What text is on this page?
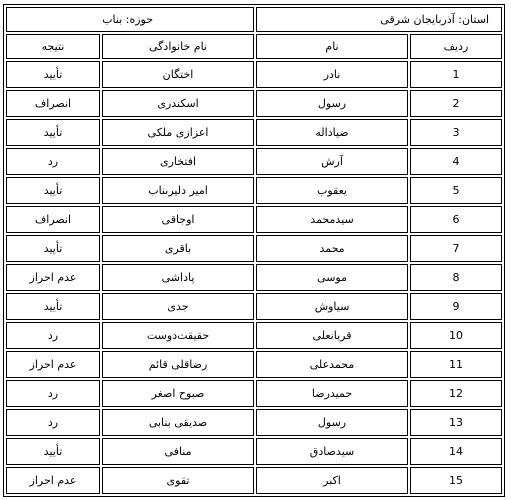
استان: آذربایجان شرقی		حوزه: بناب	
ردیف	نام	نام خانوادگی	نتیجه
1	نادر	اختگان	تأیید
2	رسول	اسکندری	انصراف
3	ضیاداله	اعزازی ملکی	تأیید
4	آرش	افتخاری	رد
5	یعقوب	امیر دلیرىناب	تأیید
6	سیدمحمد	اوجاقی	انصراف
7	محمد	باقری	تأیید
8	موسی	پاداشی	عدم احراز
9	سیاوش	جدی	تأیید
10	قربانعلی	حقیقت‌دوست	رد
11	محمدعلی	رضاقلی قائم	عدم احراز
12	حمیدرضا	صبوح اصغر	رد
13	رسول	صدیقی بنابی	رد
14	سیدصادق	منافی	تأیید
15	اکبر	تقوی	عدم احراز
